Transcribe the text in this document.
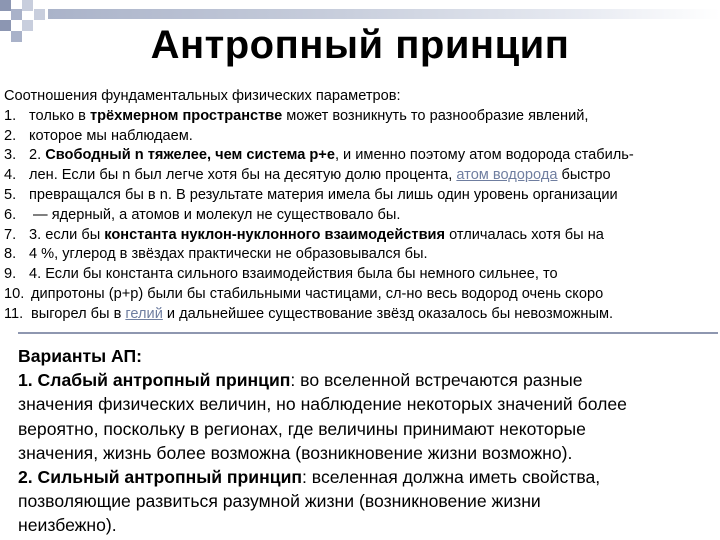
Антропный принцип
Соотношения фундаментальных физических параметров:
1. только в трёхмерном пространстве может возникнуть то разнообразие явлений,
2. которое мы наблюдаем.
3. 2. Свободный n тяжелее, чем система p+e, и именно поэтому атом водорода стабиль-
4. лен. Если бы n был легче хотя бы на десятую долю процента, атом водорода быстро
5. превращался бы в n. В результате материя имела бы лишь один уровень организации
6. — ядерный, а атомов и молекул не существовало бы.
7. 3. если бы константа нуклон-нуклонного взаимодействия отличалась хотя бы на
8. 4 %, углерод в звёздах практически не образовывался бы.
9. 4. Если бы константа сильного взаимодействия была бы немного сильнее, то
10. дипротоны (p+p) были бы стабильными частицами, сл-но весь водород очень скоро
11. выгорел бы в гелий и дальнейшее существование звёзд оказалось бы невозможным.
Варианты АП:
1. Слабый антропный принцип: во вселенной встречаются разные
значения физических величин, но наблюдение некоторых значений более
вероятно, поскольку в регионах, где величины принимают некоторые
значения, жизнь более возможна (возникновение жизни возможно).
2. Сильный антропный принцип: вселенная должна иметь свойства,
позволяющие развиться разумной жизни (возникновение жизни
неизбежно).
